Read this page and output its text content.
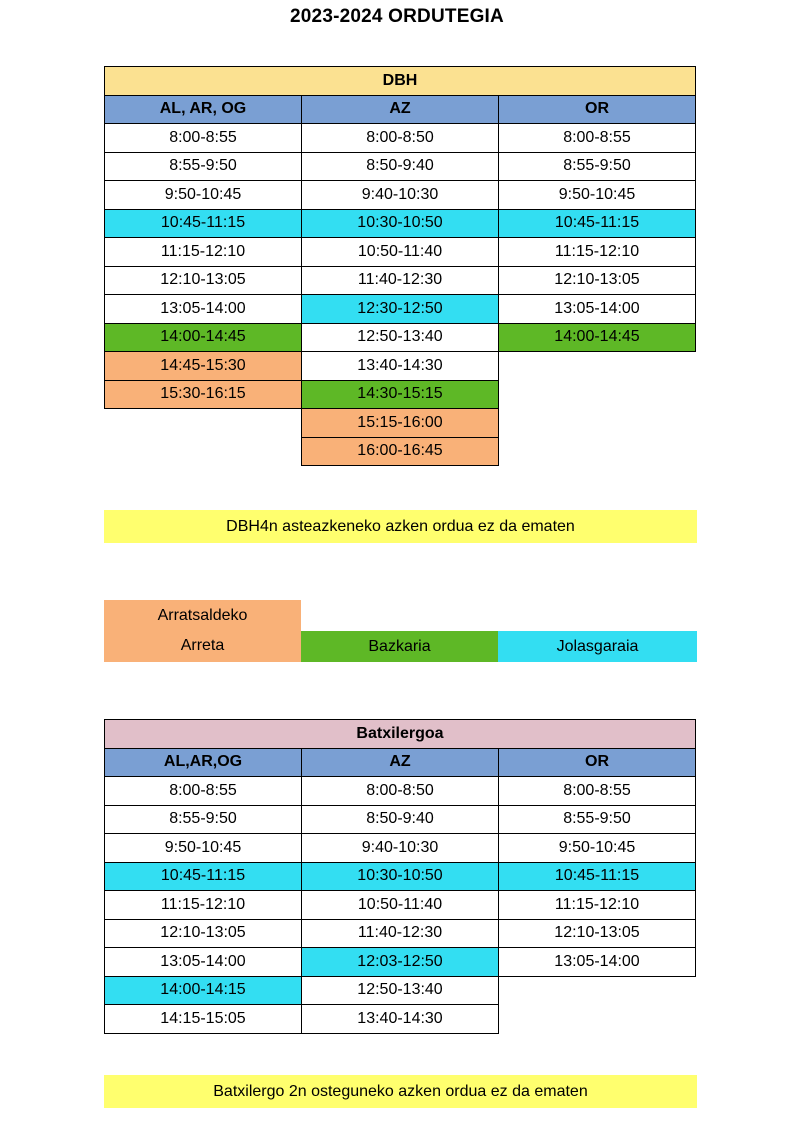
2023-2024 ORDUTEGIA
DBH		
AL, AR, OG	AZ	OR
8:00-8:55	8:00-8:50	8:00-8:55
8:55-9:50	8:50-9:40	8:55-9:50
9:50-10:45	9:40-10:30	9:50-10:45
10:45-11:15	10:30-10:50	10:45-11:15
11:15-12:10	10:50-11:40	11:15-12:10
12:10-13:05	11:40-12:30	12:10-13:05
13:05-14:00	12:30-12:50	13:05-14:00
14:00-14:45	12:50-13:40	14:00-14:45
14:45-15:30	13:40-14:30	
15:30-16:15	14:30-15:15	
	15:15-16:00	
	16:00-16:45	
DBH4n asteazkeneko azken ordua ez da ematen
Arratsaldeko
Arreta	Bazkaria	Jolasgaraia
Batxilergoa		
AL,AR,OG	AZ	OR
8:00-8:55	8:00-8:50	8:00-8:55
8:55-9:50	8:50-9:40	8:55-9:50
9:50-10:45	9:40-10:30	9:50-10:45
10:45-11:15	10:30-10:50	10:45-11:15
11:15-12:10	10:50-11:40	11:15-12:10
12:10-13:05	11:40-12:30	12:10-13:05
13:05-14:00	12:03-12:50	13:05-14:00
14:00-14:15	12:50-13:40	
14:15-15:05	13:40-14:30	
Batxilergo 2n osteguneko azken ordua ez da ematen
